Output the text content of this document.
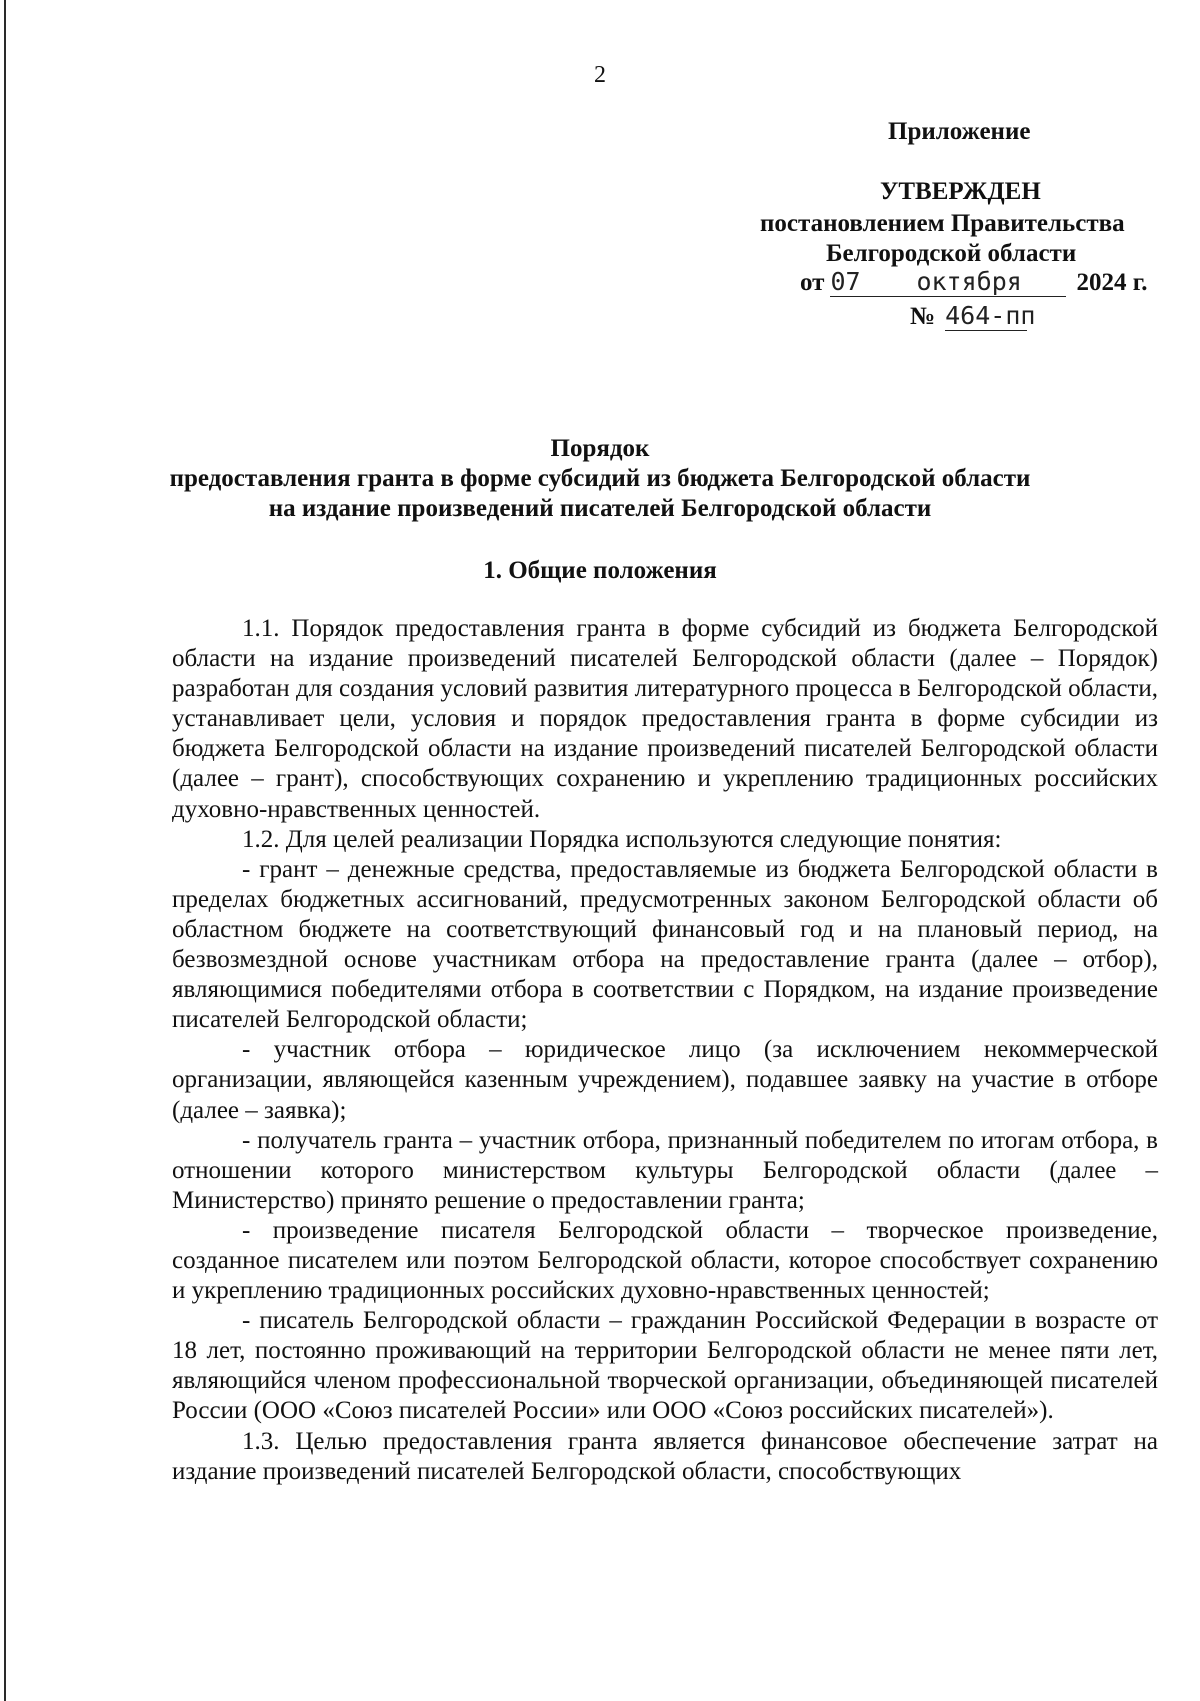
2
Приложение
УТВЕРЖДЕН
постановлением Правительства
Белгородской области
от 07 октября 2024 г.
№ 464-пп
Порядок
предоставления гранта в форме субсидий из бюджета Белгородской области
на издание произведений писателей Белгородской области
1. Общие положения

1.1. Порядок предоставления гранта в форме субсидий из бюджета Белгородской области на издание произведений писателей Белгородской области (далее – Порядок) разработан для создания условий развития литературного процесса в Белгородской области, устанавливает цели, условия и порядок предоставления гранта в форме субсидии из бюджета Белгородской области на издание произведений писателей Белгородской области (далее – грант), способствующих сохранению и укреплению традиционных российских духовно-нравственных ценностей.

1.2. Для целей реализации Порядка используются следующие понятия:

- грант – денежные средства, предоставляемые из бюджета Белгородской области в пределах бюджетных ассигнований, предусмотренных законом Белгородской области об областном бюджете на соответствующий финансовый год и на плановый период, на безвозмездной основе участникам отбора на предоставление гранта (далее – отбор), являющимися победителями отбора в соответствии с Порядком, на издание произведение писателей Белгородской области;

- участник отбора – юридическое лицо (за исключением некоммерческой организации, являющейся казенным учреждением), подавшее заявку на участие в отборе (далее – заявка);

- получатель гранта – участник отбора, признанный победителем по итогам отбора, в отношении которого министерством культуры Белгородской области (далее – Министерство) принято решение о предоставлении гранта;

- произведение писателя Белгородской области – творческое произведение, созданное писателем или поэтом Белгородской области, которое способствует сохранению и укреплению традиционных российских духовно-нравственных ценностей;

- писатель Белгородской области – гражданин Российской Федерации в возрасте от 18 лет, постоянно проживающий на территории Белгородской области не менее пяти лет, являющийся членом профессиональной творческой организации, объединяющей писателей России (ООО «Союз писателей России» или ООО «Союз российских писателей»).

1.3. Целью предоставления гранта является финансовое обеспечение затрат на издание произведений писателей Белгородской области, способствующих
